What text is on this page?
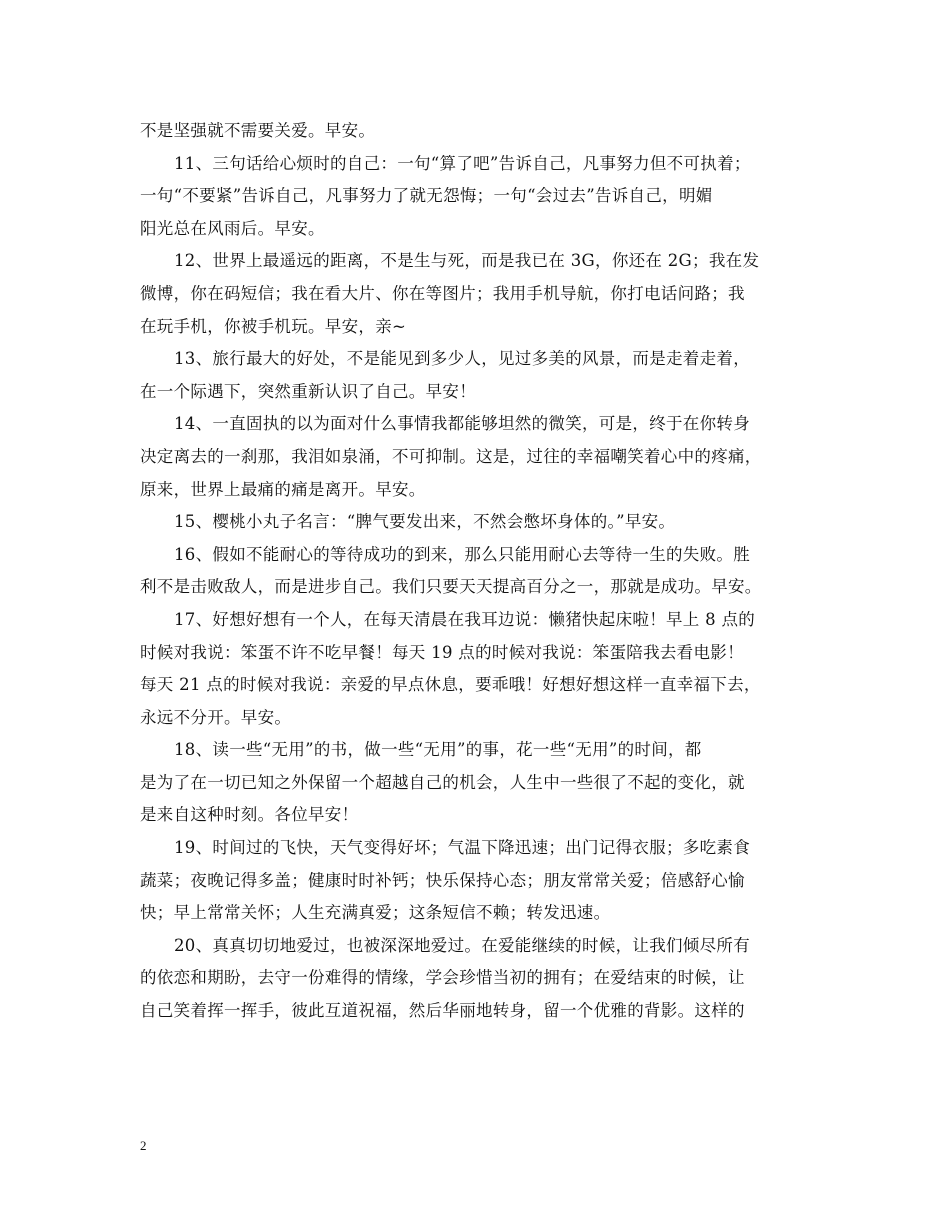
不是坚强就不需要关爱。早安。
11、三句话给心烦时的自己：一句“算了吧”告诉自己，凡事努力但不可执着；
一句“不要紧”告诉自己，凡事努力了就无怨悔；一句“会过去”告诉自己，明媚
阳光总在风雨后。早安。
12、世界上最遥远的距离，不是生与死，而是我已在 3G，你还在 2G；我在发
微博，你在码短信；我在看大片、你在等图片；我用手机导航，你打电话问路；我
在玩手机，你被手机玩。早安，亲~
13、旅行最大的好处，不是能见到多少人，见过多美的风景，而是走着走着，
在一个际遇下，突然重新认识了自己。早安！
14、一直固执的以为面对什么事情我都能够坦然的微笑，可是，终于在你转身
决定离去的一刹那，我泪如泉涌，不可抑制。这是，过往的幸福嘲笑着心中的疼痛，
原来，世界上最痛的痛是离开。早安。
15、樱桃小丸子名言：“脾气要发出来，不然会憋坏身体的。”早安。
16、假如不能耐心的等待成功的到来，那么只能用耐心去等待一生的失败。胜
利不是击败敌人，而是进步自己。我们只要天天提高百分之一，那就是成功。早安。
17、好想好想有一个人，在每天清晨在我耳边说：懒猪快起床啦！早上 8 点的
时候对我说：笨蛋不许不吃早餐！每天 19 点的时候对我说：笨蛋陪我去看电影！
每天 21 点的时候对我说：亲爱的早点休息，要乖哦！好想好想这样一直幸福下去，
永远不分开。早安。
18、读一些“无用”的书，做一些“无用”的事，花一些“无用”的时间，都
是为了在一切已知之外保留一个超越自己的机会，人生中一些很了不起的变化，就
是来自这种时刻。各位早安！
19、时间过的飞快，天气变得好坏；气温下降迅速；出门记得衣服；多吃素食
蔬菜；夜晚记得多盖；健康时时补钙；快乐保持心态；朋友常常关爱；倍感舒心愉
快；早上常常关怀；人生充满真爱；这条短信不赖；转发迅速。
20、真真切切地爱过，也被深深地爱过。在爱能继续的时候，让我们倾尽所有
的依恋和期盼，去守一份难得的情缘，学会珍惜当初的拥有；在爱结束的时候，让
自己笑着挥一挥手，彼此互道祝福，然后华丽地转身，留一个优雅的背影。这样的
2
